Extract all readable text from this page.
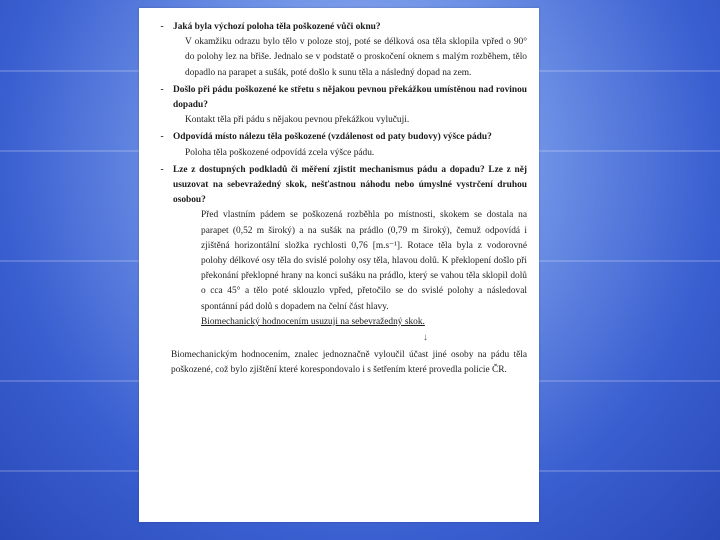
-	Jaká byla výchozí poloha těla poškozené vůči oknu?
V okamžiku odrazu bylo tělo v poloze stoj, poté se délková osa těla sklopila vpřed o 90° do polohy lez na břiše. Jednalo se v podstatě o proskočení oknem s malým rozběhem, tělo dopadlo na parapet a sušák, poté došlo k sunu těla a následný dopad na zem.
-	Došlo při pádu poškozené ke střetu s nějakou pevnou překážkou umístěnou nad rovinou dopadu?
Kontakt těla při pádu s nějakou pevnou překážkou vylučuji.
-	Odpovídá místo nálezu těla poškozené (vzdálenost od paty budovy) výšce pádu?
Poloha těla poškozené odpovídá zcela výšce pádu.
-	Lze z dostupných podkladů či měření zjistit mechanismus pádu a dopadu? Lze z něj usuzovat na sebevražedný skok, nešťastnou náhodu nebo úmyslné vystrčení druhou osobou?
Před vlastním pádem se poškozená rozběhla po místnosti, skokem se dostala na parapet (0,52 m široký) a na sušák na prádlo (0,79 m široký), čemuž odpovídá i zjištěná horizontální složka rychlosti 0,76 [m.s⁻¹]. Rotace těla byla z vodorovné polohy délkové osy těla do svislé polohy osy těla, hlavou dolů. K překlopení došlo při překonání překlopné hrany na konci sušáku na prádlo, který se vahou těla sklopil dolů o cca 45° a tělo poté sklouzlo vpřed, přetočilo se do svislé polohy a následoval spontánní pád dolů s dopadem na čelní část hlavy.
Biomechanický hodnocením usuzuji na sebevražedný skok.
↓
Biomechanickým hodnocením, znalec jednoznačně vyloučil účast jiné osoby na pádu těla poškozené, což bylo zjištění které korespondovalo i s šetřením které provedla policie ČR.
